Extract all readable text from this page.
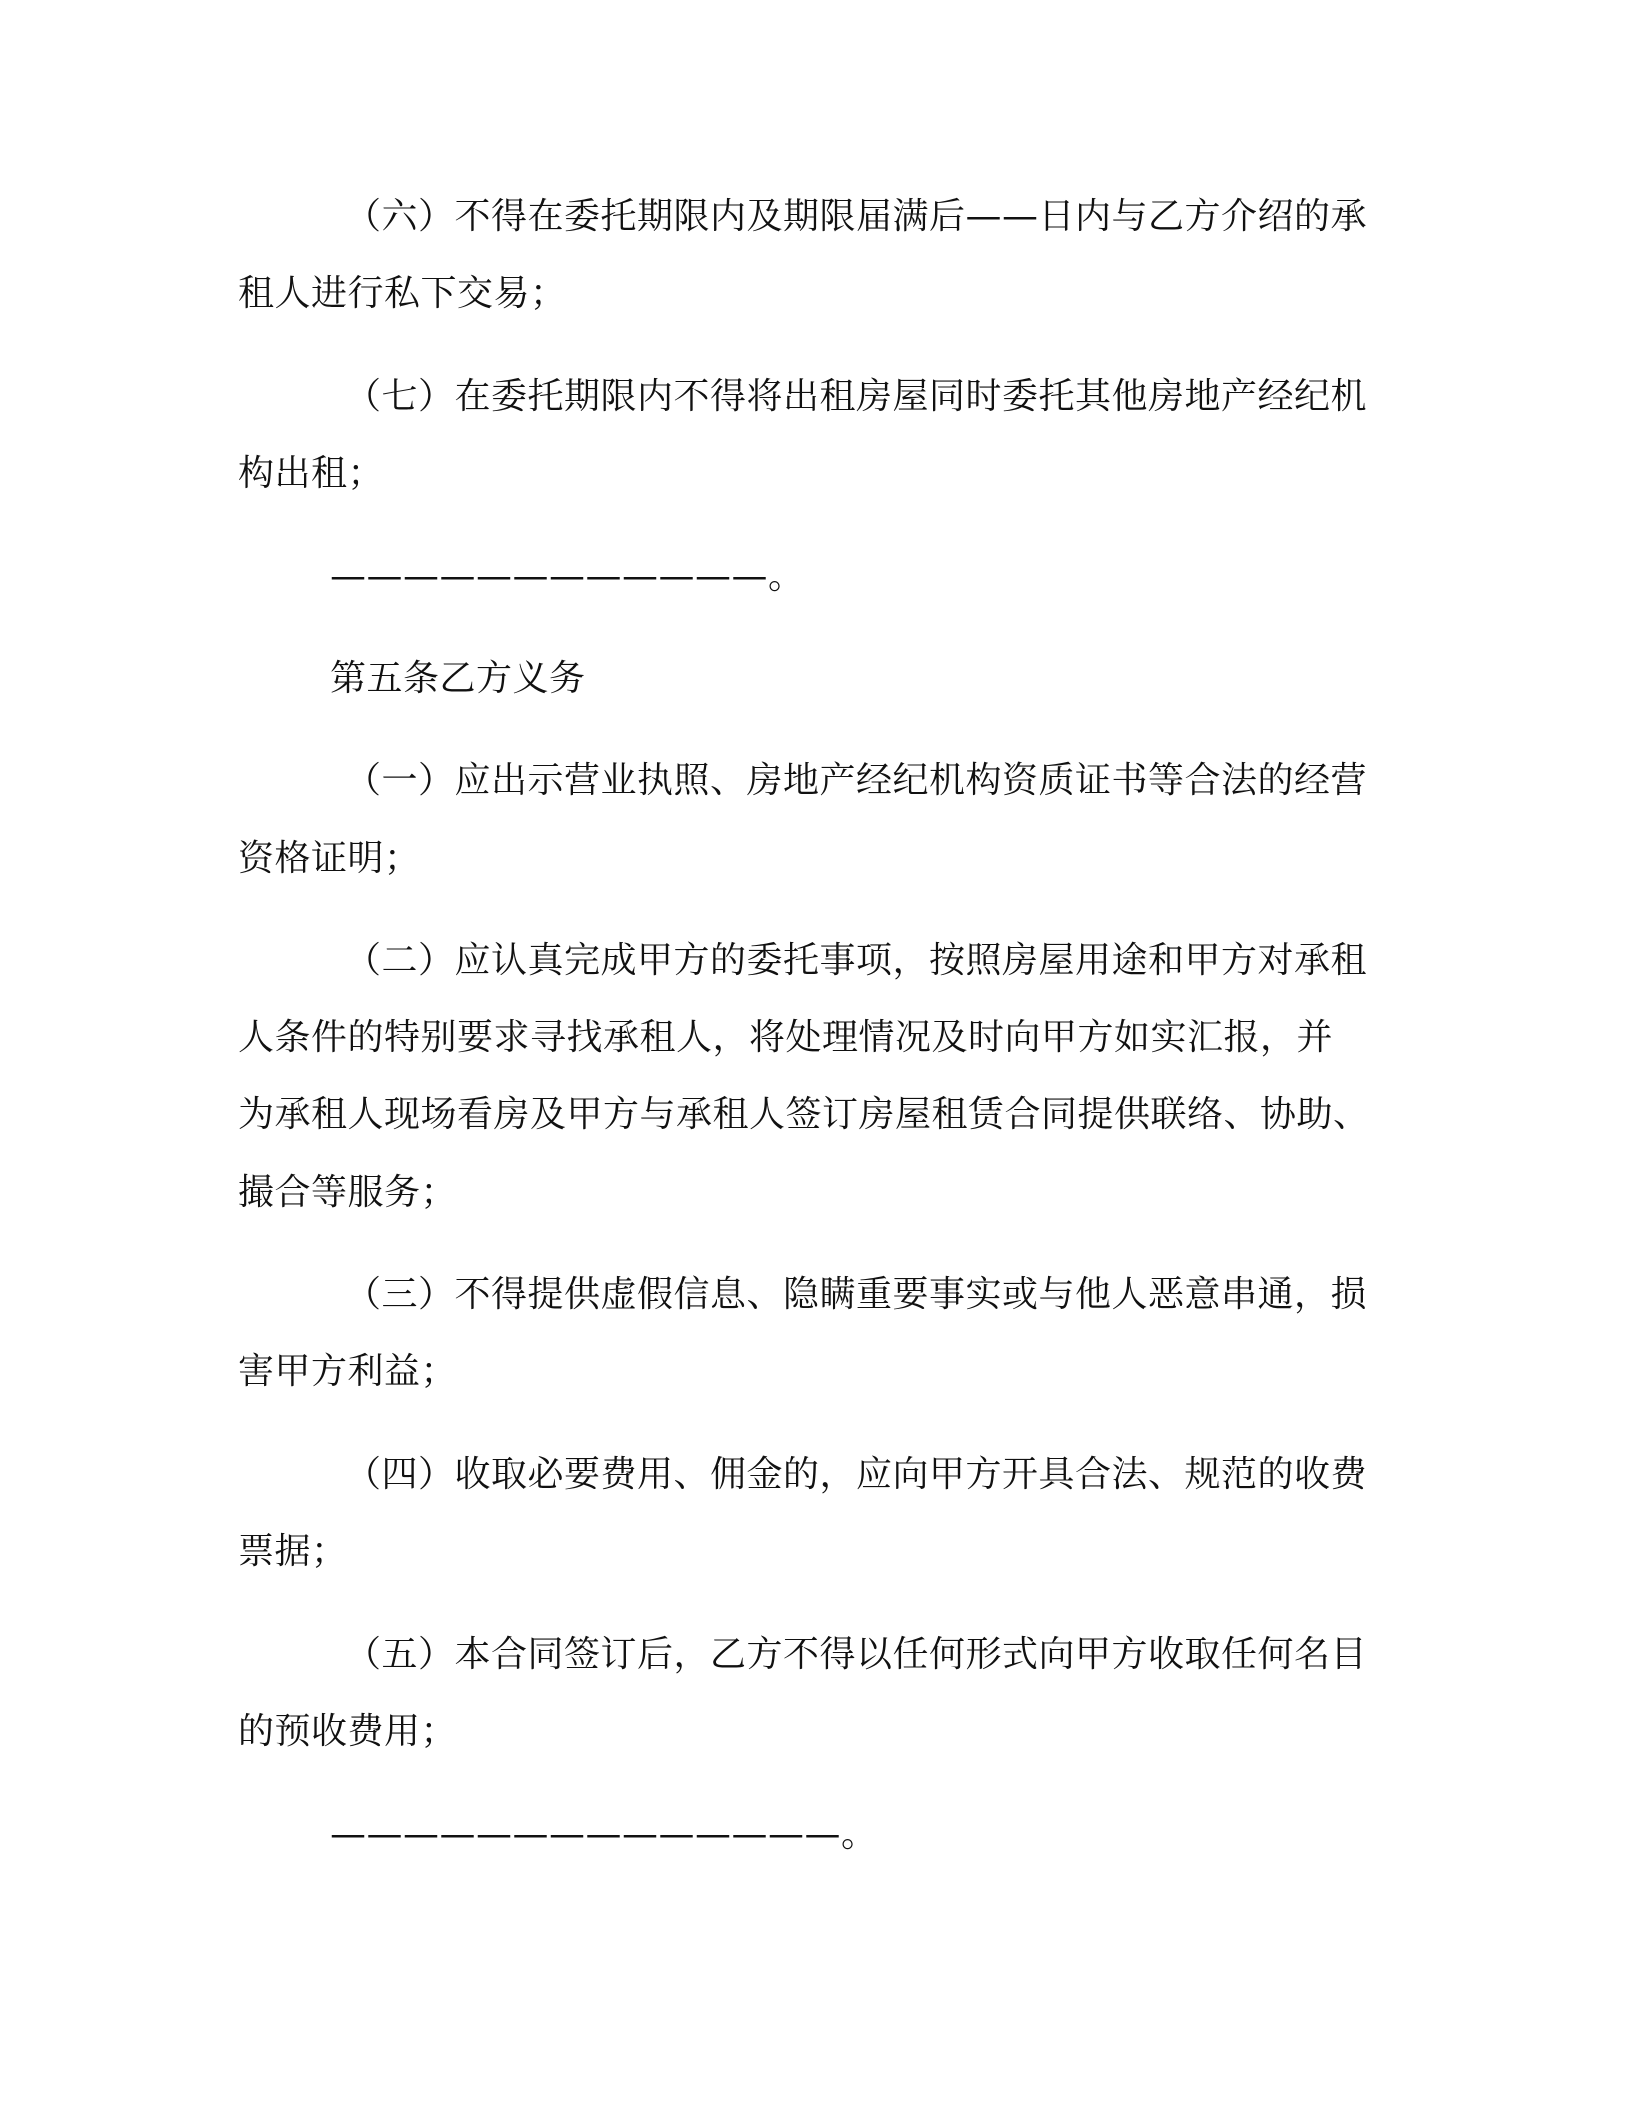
（六）不得在委托期限内及期限届满后——日内与乙方介绍的承
租人进行私下交易；
（七）在委托期限内不得将出租房屋同时委托其他房地产经纪机
构出租；
————————————。
第五条乙方义务
（一）应出示营业执照、房地产经纪机构资质证书等合法的经营
资格证明；
（二）应认真完成甲方的委托事项，按照房屋用途和甲方对承租
人条件的特别要求寻找承租人，将处理情况及时向甲方如实汇报，并
为承租人现场看房及甲方与承租人签订房屋租赁合同提供联络、协助、
撮合等服务；
（三）不得提供虚假信息、隐瞒重要事实或与他人恶意串通，损
害甲方利益；
（四）收取必要费用、佣金的，应向甲方开具合法、规范的收费
票据；
（五）本合同签订后，乙方不得以任何形式向甲方收取任何名目
的预收费用；
——————————————。
